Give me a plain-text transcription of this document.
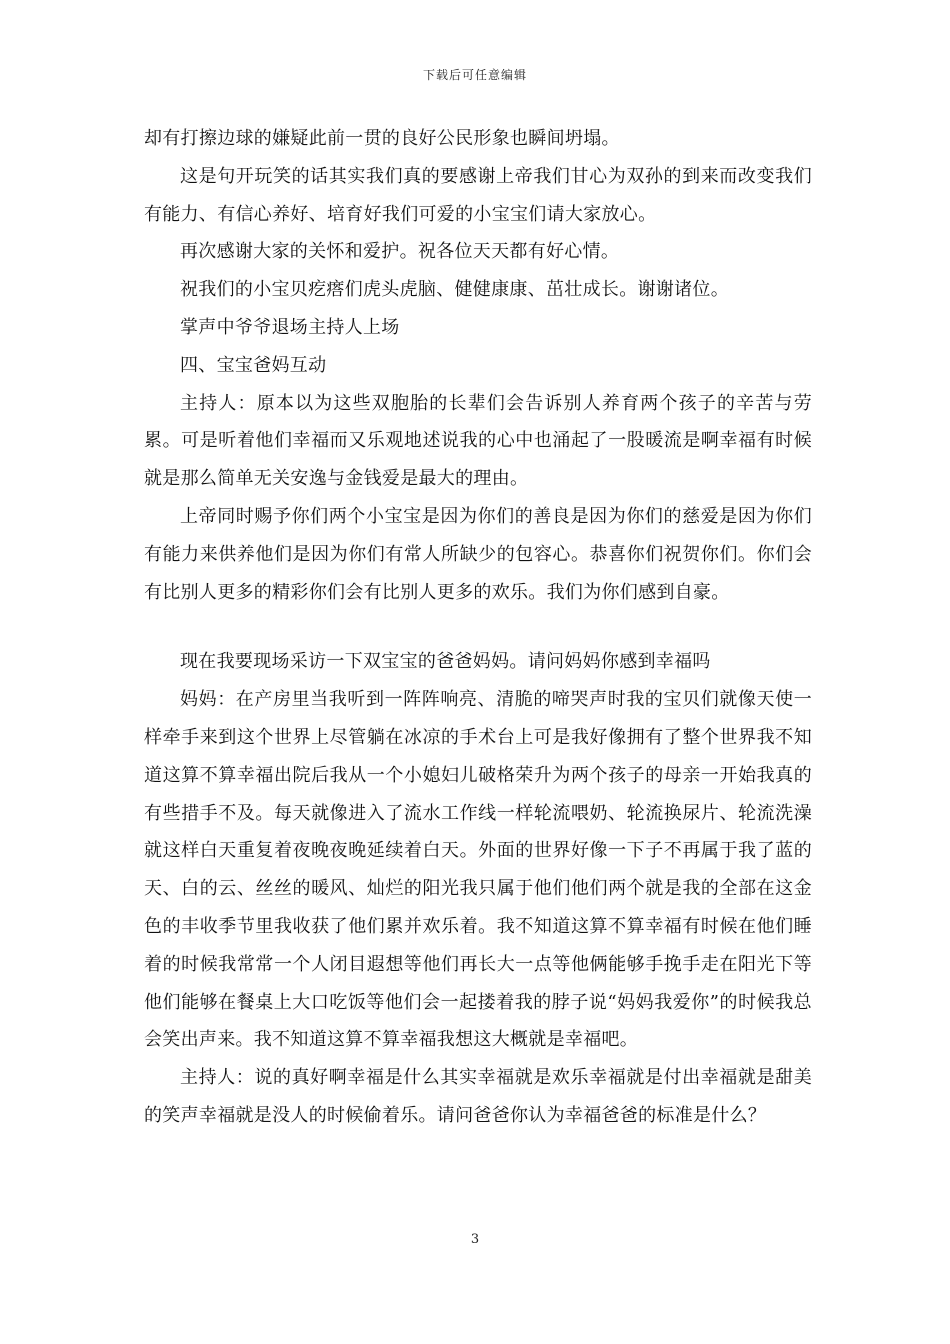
下载后可任意编辑

却有打擦边球的嫌疑此前一贯的良好公民形象也瞬间坍塌。

这是句开玩笑的话其实我们真的要感谢上帝我们甘心为双孙的到来而改变我们有能力、有信心养好、培育好我们可爱的小宝宝们请大家放心。

再次感谢大家的关怀和爱护。祝各位天天都有好心情。

祝我们的小宝贝疙瘩们虎头虎脑、健健康康、茁壮成长。谢谢诸位。

掌声中爷爷退场主持人上场

四、宝宝爸妈互动

主持人：原本以为这些双胞胎的长辈们会告诉别人养育两个孩子的辛苦与劳累。可是听着他们幸福而又乐观地述说我的心中也涌起了一股暖流是啊幸福有时候就是那么简单无关安逸与金钱爱是最大的理由。

上帝同时赐予你们两个小宝宝是因为你们的善良是因为你们的慈爱是因为你们有能力来供养他们是因为你们有常人所缺少的包容心。恭喜你们祝贺你们。你们会有比别人更多的精彩你们会有比别人更多的欢乐。我们为你们感到自豪。

现在我要现场采访一下双宝宝的爸爸妈妈。请问妈妈你感到幸福吗

妈妈：在产房里当我听到一阵阵响亮、清脆的啼哭声时我的宝贝们就像天使一样牵手来到这个世界上尽管躺在冰凉的手术台上可是我好像拥有了整个世界我不知道这算不算幸福出院后我从一个小媳妇儿破格荣升为两个孩子的母亲一开始我真的有些措手不及。每天就像进入了流水工作线一样轮流喂奶、轮流换尿片、轮流洗澡就这样白天重复着夜晚夜晚延续着白天。外面的世界好像一下子不再属于我了蓝的天、白的云、丝丝的暖风、灿烂的阳光我只属于他们他们两个就是我的全部在这金色的丰收季节里我收获了他们累并欢乐着。我不知道这算不算幸福有时候在他们睡着的时候我常常一个人闭目遐想等他们再长大一点等他俩能够手挽手走在阳光下等他们能够在餐桌上大口吃饭等他们会一起搂着我的脖子说“妈妈我爱你”的时候我总会笑出声来。我不知道这算不算幸福我想这大概就是幸福吧。

主持人：说的真好啊幸福是什么其实幸福就是欢乐幸福就是付出幸福就是甜美的笑声幸福就是没人的时候偷着乐。请问爸爸你认为幸福爸爸的标准是什么？

3
